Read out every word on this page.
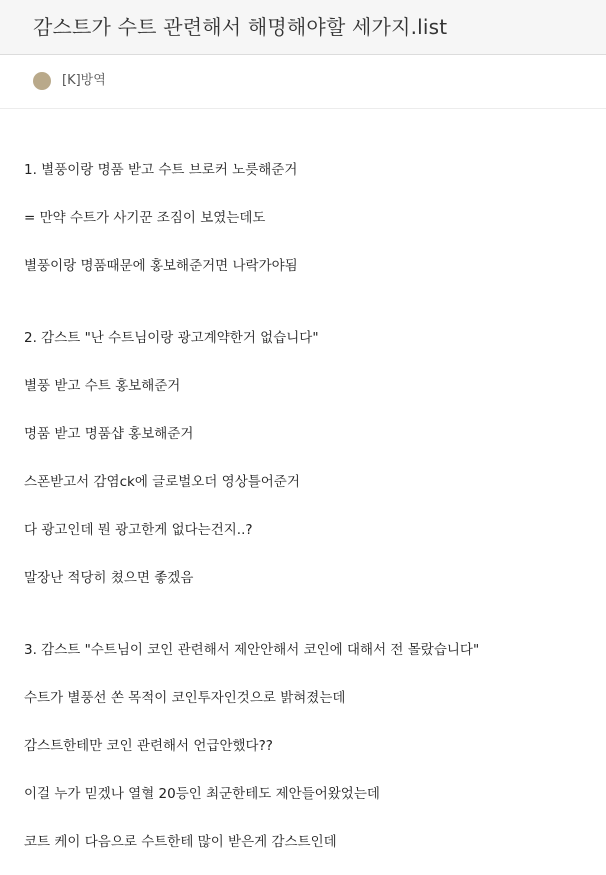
감스트가 수트 관련해서 해명해야할 세가지.list
[K]방역
1. 별풍이랑 명품 받고 수트 브로커 노릇해준거
= 만약 수트가 사기꾼 조짐이 보였는데도
별풍이랑 명품때문에 홍보해준거면 나락가야됨
2. 감스트 "난 수트님이랑 광고계약한거 없습니다"
별풍 받고 수트 홍보해준거
명품 받고 명품샵 홍보해준거
스폰받고서 감염ck에 글로벌오더 영상틀어준거
다 광고인데 뭔 광고한게 없다는건지..?
말장난 적당히 쳤으면 좋겠음
3. 감스트 "수트님이 코인 관련해서 제안안해서 코인에 대해서 전 몰랐습니다"
수트가 별풍선 쏜 목적이 코인투자인것으로 밝혀졌는데
감스트한테만 코인 관련해서 언급안했다??
이걸 누가 믿겠나 열혈 20등인 최군한테도 제안들어왔었는데
코트 케이 다음으로 수트한테 많이 받은게 감스트인데
